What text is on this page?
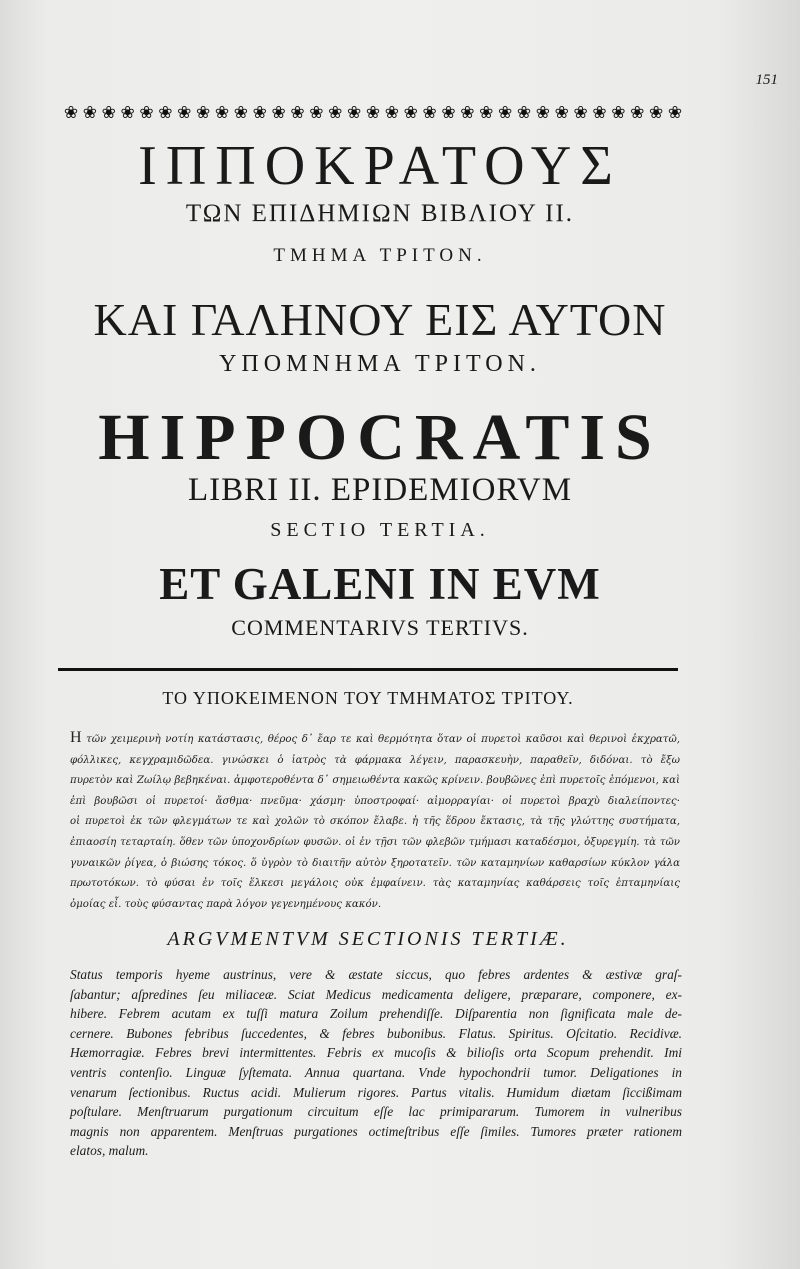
151
❀ ❀ ❀ ❀ ❀ ❀ ❀ ❀ ❀ ❀ ❀ ❀ ❀ ❀ ❀ ❀ ❀ ❀ ❀ ❀ ❀ ❀ ❀ ❀ ❀ ❀ ❀ ❀ ❀ ❀ ❀ ❀ ❀
ΙΠΠΟΚΡΑΤΟΥΣ
ΤΩΝ ΕΠΙΔΗΜΙΩΝ ΒΙΒΛΙΟΥ ΙΙ.
ΤΜΗΜΑ ΤΡΙΤΟΝ.
ΚΑΙ ΓΑΛΗΝΟΥ ΕΙΣ ΑΥΤΟΝ
ΥΠΟΜΝΗΜΑ ΤΡΙΤΟΝ.
HIPPOCRATIS
LIBRI II. EPIDEMIORVM
SECTIO TERTIA.
ET GALENI IN EVM
COMMENTARIVS TERTIVS.
ΤΟ ΥΠΟΚΕΙΜΕΝΟΝ ΤΟΥ ΤΜΗΜΑΤΟΣ ΤΡΙΤΟΥ.
Η τῶν χειμερινὴ νοτίη κατάστασις, θέρος δ᾽ ἔαρ τε καὶ θερμότητα ὅταν οἱ πυρετοὶ καῦσοι καὶ θερινοὶ ἐκχρατῶ,
φόλλικες, κεγχραμιδῶδεα. γινώσκει ὁ ἰατρὸς τὰ φάρμακα λέγειν, παρασκευὴν, παραθεῖν, διδόναι. τὸ ἔξω
πυρετὸν καὶ Ζωίλῳ βεβηκέναι. ἀμφοτεροθέντα δ᾽ σημειωθέντα κακῶς κρίνειν. βουβῶνες ἐπὶ πυρετοῖς ἑπόμενοι, καὶ
ἐπὶ βουβῶσι οἱ πυρετοί· ἄσθμα· πνεῦμα· χάσμη· ὑποστροφαί· αἱμορραγίαι· οἱ πυρετοὶ βραχὺ διαλείποντες·
οἱ πυρετοὶ ἐκ τῶν φλεγμάτων τε καὶ χολῶν τὸ σκόπον ἔλαβε. ἡ τῆς ἕδρου ἔκτασις, τὰ τῆς γλώττης συστήματα,
ἐπιαοσίη τεταρταίη. ὅθεν τῶν ὑποχονδρίων φυσῶν. οἱ ἐν τῇσι τῶν φλεβῶν τμήμασι καταδέσμοι, ὀξυρεγμίη. τὰ τῶν
γυναικῶν ῥίγεα, ὁ βιώσης τόκος. ὅ ὑγρὸν τὸ διαιτῆν αὐτὸν ξηροτατεῖν. τῶν καταμηνίων καθαρσίων κύκλον γάλα
πρωτοτόκων. τὸ φύσαι ἐν τοῖς ἕλκεσι μεγάλοις οὐκ ἐμφαίνειν. τὰς καταμηνίας καθάρσεις τοῖς ἑπταμηνίαις
ὁμοίας εἶ. τοὺς φύσαντας παρὰ λόγον γεγενημένους κακόν.
ARGVMENTVM SECTIONIS TERTIÆ.
Status temporis hyeme austrinus, vere & æstate siccus, quo febres ardentes & æstivæ graſ-
ſabantur; aſpredines ſeu miliaceæ. Sciat Medicus medicamenta deligere, præparare, componere, ex-
hibere. Febrem acutam ex tuſſi matura Zoilum prehendiſſe. Diſparentia non ſignificata male de-
cernere. Bubones febribus ſuccedentes, & febres bubonibus. Flatus. Spiritus. Oſcitatio. Recidivæ.
Hæmorragiæ. Febres brevi intermittentes. Febris ex mucoſis & bilioſis orta Scopum prehendit. Imi
ventris contenſio. Linguæ ſyſtemata. Annua quartana. Vnde hypochondrii tumor. Deligationes in
venarum ſectionibus. Ructus acidi. Mulierum rigores. Partus vitalis. Humidum diætam ſiccißimam
poſtulare. Menſtruarum purgationum circuitum eſſe lac primipararum. Tumorem in vulneribus
magnis non apparentem. Menſtruas purgationes octimeſtribus eſſe ſimiles. Tumores præter rationem
elatos, malum.
